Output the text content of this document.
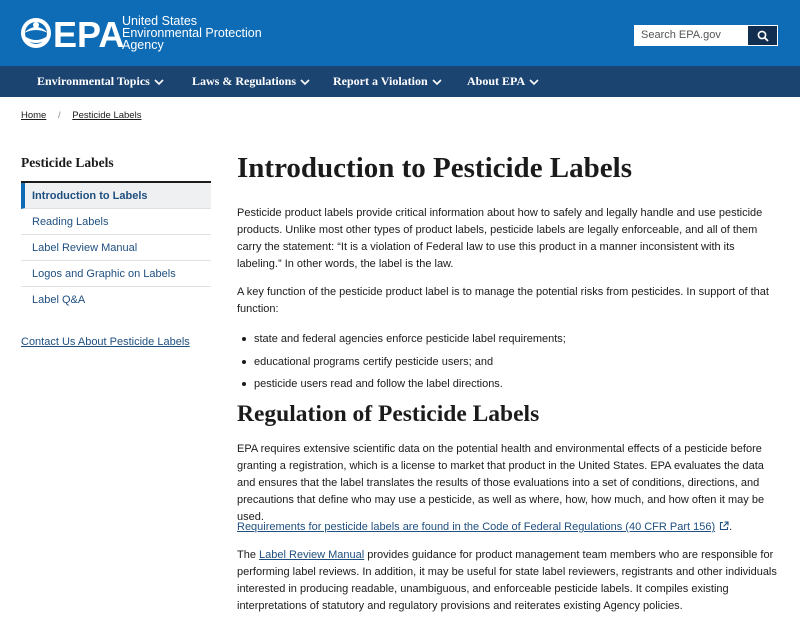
EPA
United States
Environmental Protection
Agency
Search EPA.gov
Environmental Topics	Laws & Regulations	Report a Violation	About EPA
Home / Pesticide Labels
Pesticide Labels
Introduction to Labels
Reading Labels
Label Review Manual
Logos and Graphic on Labels
Label Q&A
Contact Us About Pesticide Labels
Introduction to Pesticide Labels

Pesticide product labels provide critical information about how to safely and legally handle and use pesticide products. Unlike most other types of product labels, pesticide labels are legally enforceable, and all of them carry the statement: “It is a violation of Federal law to use this product in a manner inconsistent with its labeling.” In other words, the label is the law.

A key function of the pesticide product label is to manage the potential risks from pesticides. In support of that function:

state and federal agencies enforce pesticide label requirements;
educational programs certify pesticide users; and
pesticide users read and follow the label directions.
Regulation of Pesticide Labels

EPA requires extensive scientific data on the potential health and environmental effects of a pesticide before granting a registration, which is a license to market that product in the United States. EPA evaluates the data and ensures that the label translates the results of those evaluations into a set of conditions, directions, and precautions that define who may use a pesticide, as well as where, how, how much, and how often it may be used.

Requirements for pesticide labels are found in the Code of Federal Regulations (40 CFR Part 156) .

The Label Review Manual provides guidance for product management team members who are responsible for performing label reviews. In addition, it may be useful for state label reviewers, registrants and other individuals interested in producing readable, unambiguous, and enforceable pesticide labels. It compiles existing interpretations of statutory and regulatory provisions and reiterates existing Agency policies.
